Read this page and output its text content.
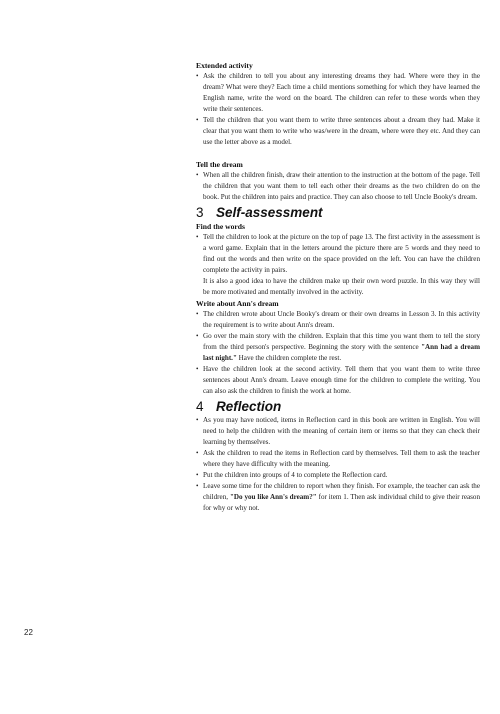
Extended activity
• Ask the children to tell you about any interesting dreams they had. Where were they in the dream? What were they? Each time a child mentions something for which they have learned the English name, write the word on the board. The children can refer to these words when they write their sentences.
• Tell the children that you want them to write three sentences about a dream they had. Make it clear that you want them to write who was/were in the dream, where were they etc. And they can use the letter above as a model.
Tell the dream
• When all the children finish, draw their attention to the instruction at the bottom of the page. Tell the children that you want them to tell each other their dreams as the two children do on the book. Put the children into pairs and practice. They can also choose to tell Uncle Booky's dream.
3 Self-assessment
Find the words
• Tell the children to look at the picture on the top of page 13. The first activity in the assessment is a word game. Explain that in the letters around the picture there are 5 words and they need to find out the words and then write on the space provided on the left. You can have the children complete the activity in pairs.

It is also a good idea to have the children make up their own word puzzle. In this way they will be more motivated and mentally involved in the activity.

Write about Ann's dream
• The children wrote about Uncle Booky's dream or their own dreams in Lesson 3. In this activity the requirement is to write about Ann's dream.
• Go over the main story with the children. Explain that this time you want them to tell the story from the third person's perspective. Beginning the story with the sentence "Ann had a dream last night." Have the children complete the rest.
• Have the children look at the second activity. Tell them that you want them to write three sentences about Ann's dream. Leave enough time for the children to complete the writing. You can also ask the children to finish the work at home.
4 Reflection
• As you may have noticed, items in Reflection card in this book are written in English. You will need to help the children with the meaning of certain item or items so that they can check their learning by themselves.
• Ask the children to read the items in Reflection card by themselves. Tell them to ask the teacher where they have difficulty with the meaning.
• Put the children into groups of 4 to complete the Reflection card.
• Leave some time for the children to report when they finish. For example, the teacher can ask the children, "Do you like Ann's dream?" for item 1. Then ask individual child to give their reason for why or why not.
22
